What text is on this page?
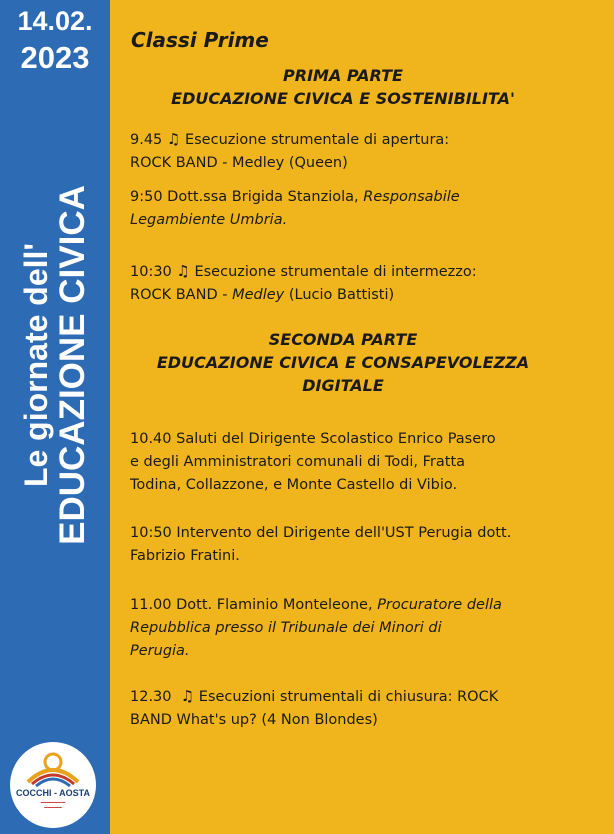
14.02.
2023
Le giornate dell' EDUCAZIONE CIVICA
COCCHI - AOSTA
▬▬▬▬▬▬▬
▬▬▬▬▬
Classi Prime
PRIMA PARTE
EDUCAZIONE CIVICA E SOSTENIBILITA'
9.45 ♫ Esecuzione strumentale di apertura:
ROCK BAND - Medley (Queen)
9:50 Dott.ssa Brigida Stanziola, Responsabile
Legambiente Umbria.
10:30 ♫ Esecuzione strumentale di intermezzo:
ROCK BAND - Medley (Lucio Battisti)
SECONDA PARTE
EDUCAZIONE CIVICA E CONSAPEVOLEZZA
DIGITALE
10.40 Saluti del Dirigente Scolastico Enrico Pasero
e degli Amministratori comunali di Todi, Fratta
Todina, Collazzone, e Monte Castello di Vibio.
10:50 Intervento del Dirigente dell'UST Perugia dott.
Fabrizio Fratini.
11.00 Dott. Flaminio Monteleone, Procuratore della
Repubblica presso il Tribunale dei Minori di
Perugia.
12.30 ♫ Esecuzioni strumentali di chiusura: ROCK
BAND What's up? (4 Non Blondes)
